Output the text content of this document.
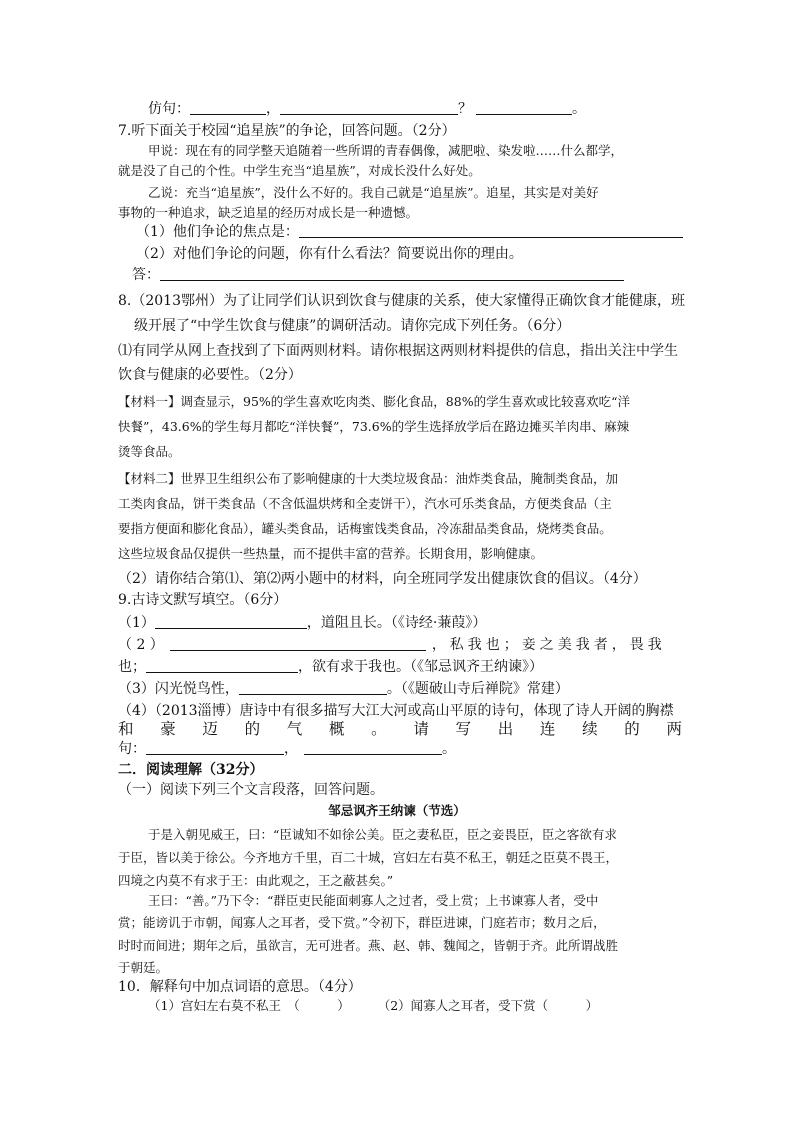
仿句：	，	？	。
7.听下面关于校园“追星族”的争论，回答问题。（2分）
甲说：现在有的同学整天追随着一些所谓的青春偶像，减肥啦、染发啦……什么都学，
就是没了自己的个性。中学生充当“追星族”，对成长没什么好处。
乙说：充当“追星族”，没什么不好的。我自己就是“追星族”。追星，其实是对美好
事物的一种追求，缺乏追星的经历对成长是一种遗憾。
（1）他们争论的焦点是：
（2）对他们争论的问题，你有什么看法？简要说出你的理由。
答：
8.（2013鄂州）为了让同学们认识到饮食与健康的关系，使大家懂得正确饮食才能健康，班
级开展了“中学生饮食与健康”的调研活动。请你完成下列任务。（6分）
⑴有同学从网上查找到了下面两则材料。请你根据这两则材料提供的信息，指出关注中学生
饮食与健康的必要性。（2分）
【材料一】调查显示，95%的学生喜欢吃肉类、膨化食品，88%的学生喜欢或比较喜欢吃“洋
快餐”，43.6%的学生每月都吃“洋快餐”，73.6%的学生选择放学后在路边摊买羊肉串、麻辣
烫等食品。
【材料二】世界卫生组织公布了影响健康的十大类垃圾食品：油炸类食品，腌制类食品，加
工类肉食品，饼干类食品（不含低温烘烤和全麦饼干），汽水可乐类食品，方便类食品（主
要指方便面和膨化食品），罐头类食品，话梅蜜饯类食品，冷冻甜品类食品，烧烤类食品。
这些垃圾食品仅提供一些热量，而不提供丰富的营养。长期食用，影响健康。
（2）请你结合第⑴、第⑵两小题中的材料，向全班同学发出健康饮食的倡议。（4分）
9.古诗文默写填空。（6分）
（1）	，道阻且长。（《诗经·蒹葭》）
（ 2 ）	，私我也；妾之美我者，畏我
也；	，欲有求于我也。（《邹忌讽齐王纳谏》）
（3）闪光悦鸟性，	。（《题破山寺后禅院》常建）
（4）（2013淄博）唐诗中有很多描写大江大河或高山平原的诗句，体现了诗人开阔的胸襟
和 豪 迈 的 气 概 。 请 写 出 连 续 的 两
句：	，	。
二．阅读理解（32分）
（一）阅读下列三个文言段落，回答问题。
邹忌讽齐王纳谏（节选）
于是入朝见威王，曰：“臣诚知不如徐公美。臣之妻私臣，臣之妾畏臣，臣之客欲有求
于臣，皆以美于徐公。今齐地方千里，百二十城，宫妇左右莫不私王，朝廷之臣莫不畏王，
四境之内莫不有求于王：由此观之，王之蔽甚矣。”
王曰：“善。”乃下令：“群臣吏民能面刺寡人之过者，受上赏；上书谏寡人者，受中
赏；能谤讥于市朝，闻寡人之耳者，受下赏。”令初下，群臣进谏，门庭若市；数月之后，
时时而间进；期年之后，虽欲言，无可进者。燕、赵、韩、魏闻之，皆朝于齐。此所谓战胜
于朝廷。
10．解释句中加点词语的意思。（4分）
（1）宫妇左右莫不私王　（　　　） （2）闻寡人之耳者，受下赏（　　　）
